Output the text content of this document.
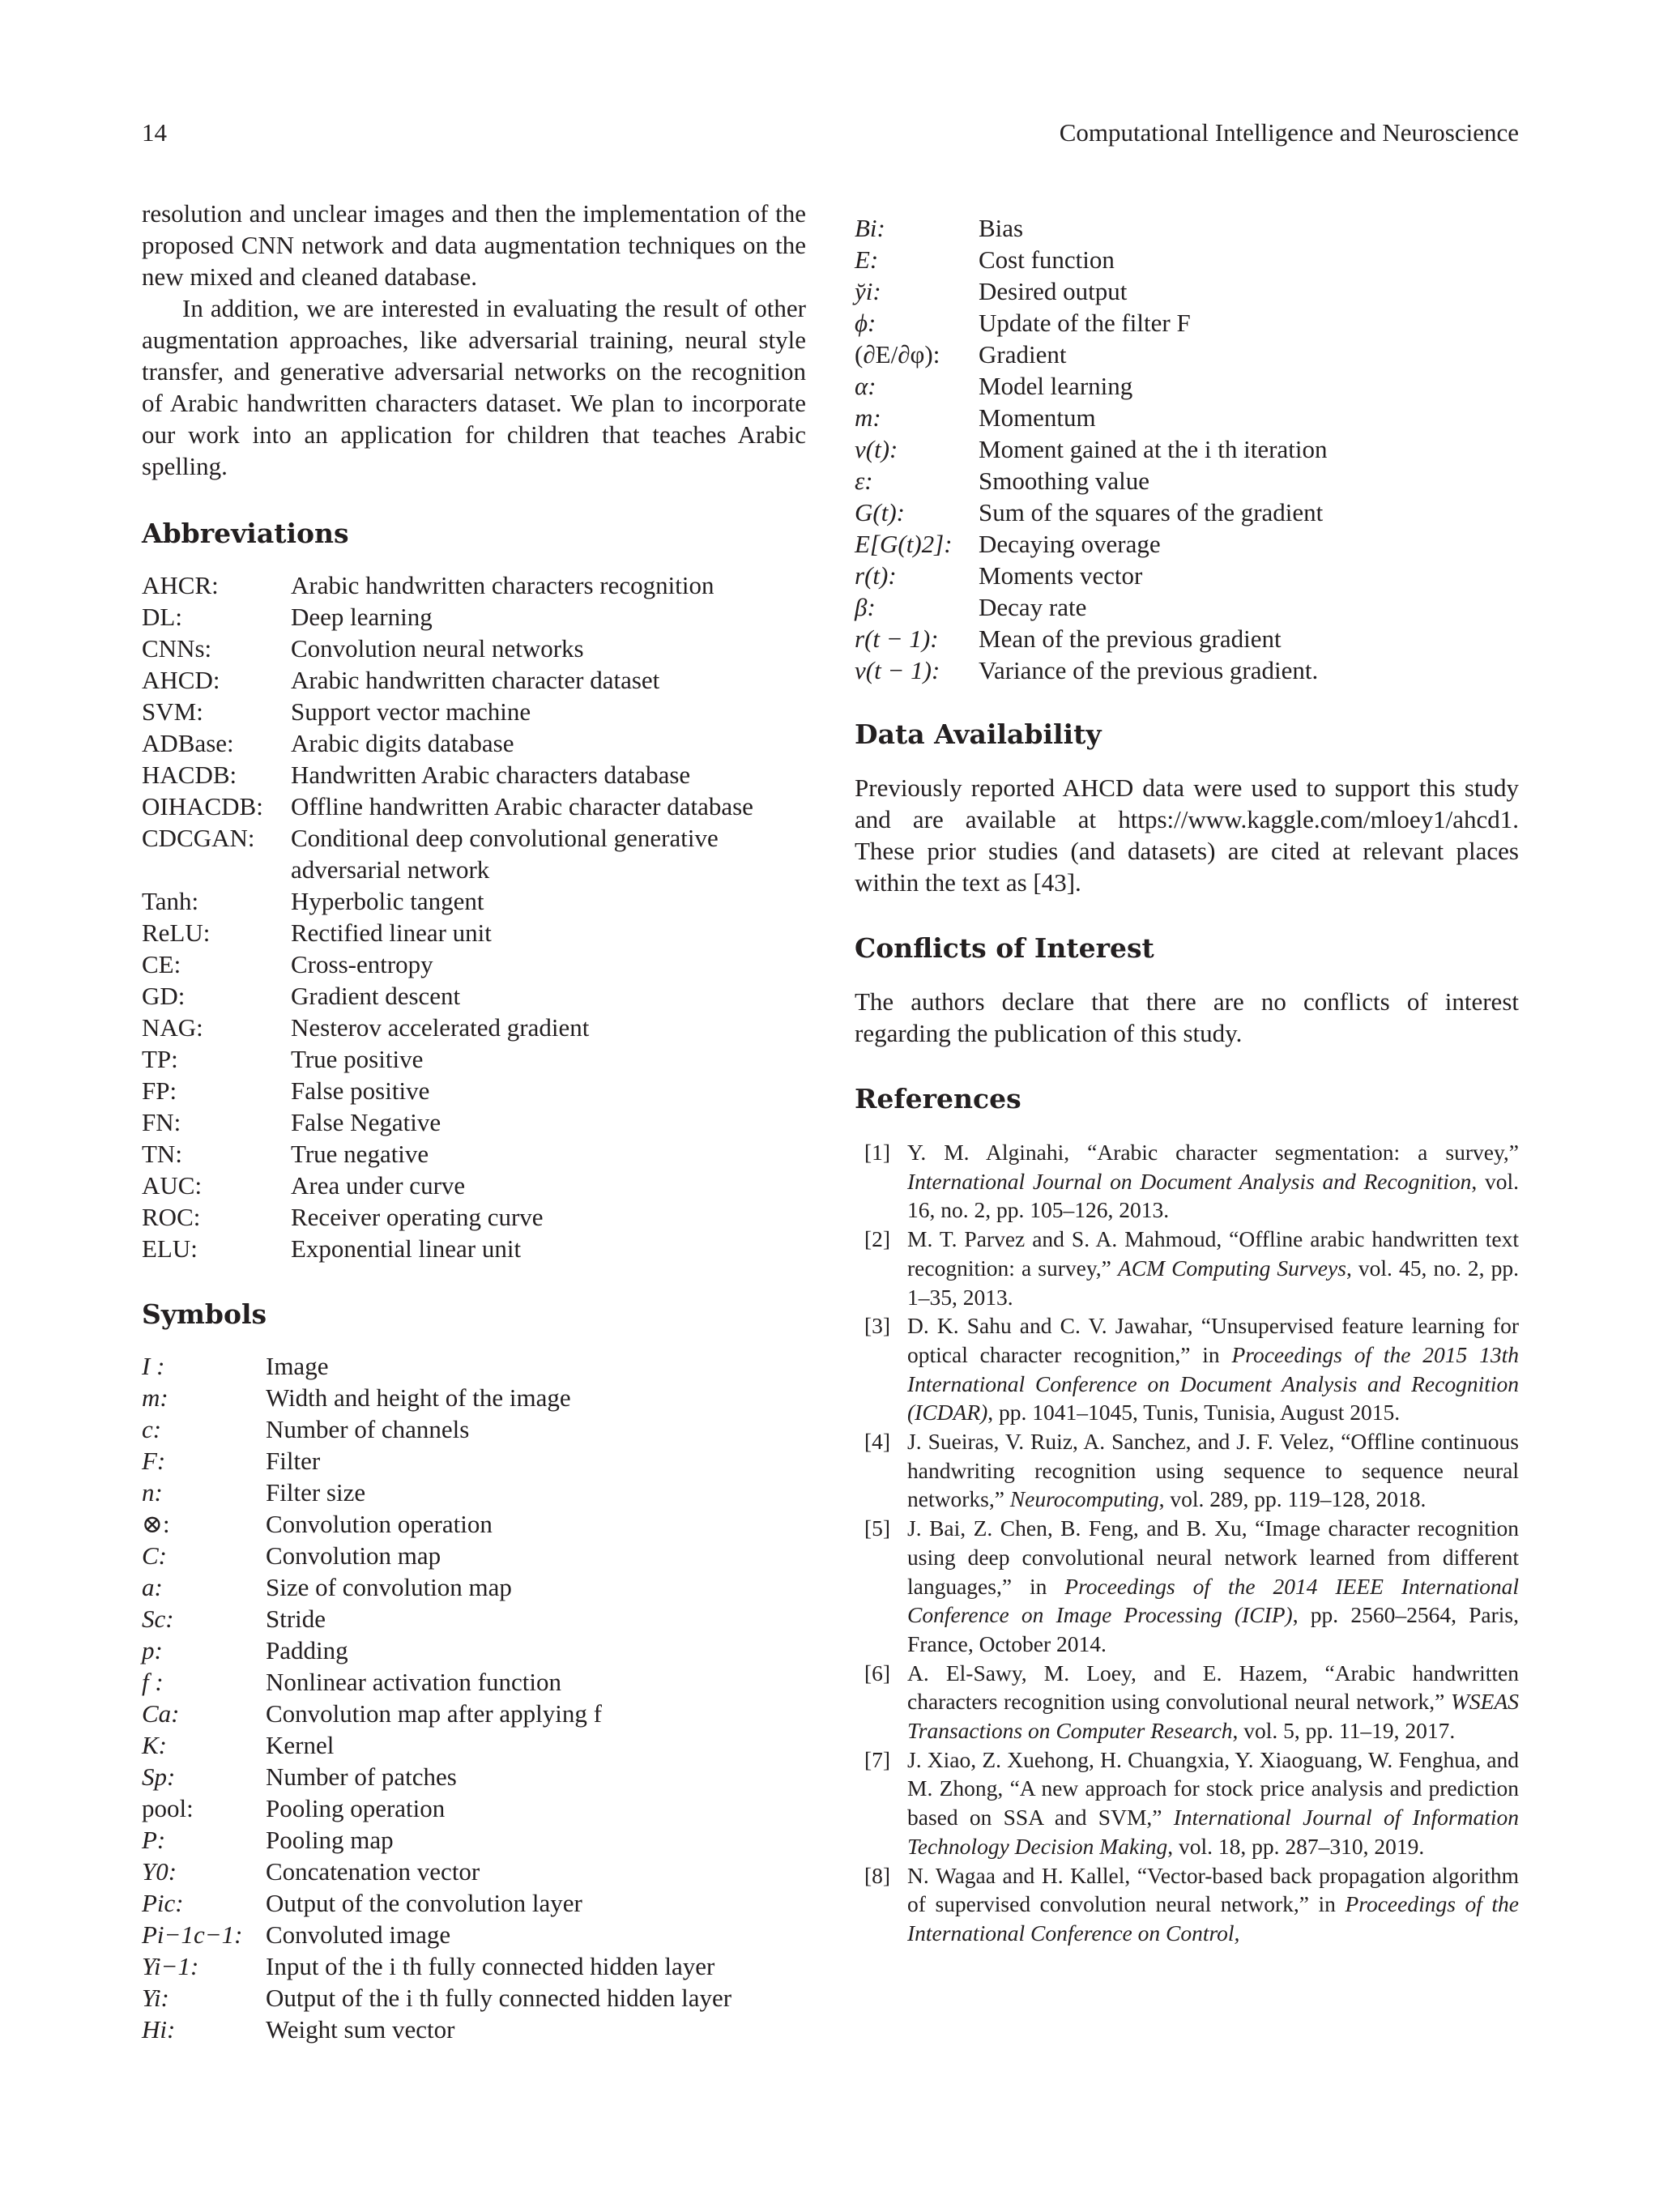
14	Computational Intelligence and Neuroscience

resolution and unclear images and then the implementation of the proposed CNN network and data augmentation techniques on the new mixed and cleaned database.

In addition, we are interested in evaluating the result of other augmentation approaches, like adversarial training, neural style transfer, and generative adversarial networks on the recognition of Arabic handwritten characters dataset. We plan to incorporate our work into an application for children that teaches Arabic spelling.

Abbreviations
AHCR:	Arabic handwritten characters recognition
DL:	Deep learning
CNNs:	Convolution neural networks
AHCD:	Arabic handwritten character dataset
SVM:	Support vector machine
ADBase:	Arabic digits database
HACDB:	Handwritten Arabic characters database
OIHACDB:	Offline handwritten Arabic character database
CDCGAN:	Conditional deep convolutional generative adversarial network
Tanh:	Hyperbolic tangent
ReLU:	Rectified linear unit
CE:	Cross-entropy
GD:	Gradient descent
NAG:	Nesterov accelerated gradient
TP:	True positive
FP:	False positive
FN:	False Negative
TN:	True negative
AUC:	Area under curve
ROC:	Receiver operating curve
ELU:	Exponential linear unit
Symbols
I :	Image
m:	Width and height of the image
c:	Number of channels
F:	Filter
n:	Filter size
⊗:	Convolution operation
C:	Convolution map
a:	Size of convolution map
Sc:	Stride
p:	Padding
f :	Nonlinear activation function
Ca:	Convolution map after applying f
K:	Kernel
Sp:	Number of patches
pool:	Pooling operation
P:	Pooling map
Y0:	Concatenation vector
Pic:	Output of the convolution layer
Pi−1c−1:	Convoluted image
Yi−1:	Input of the i th fully connected hidden layer
Yi:	Output of the i th fully connected hidden layer
Hi:	Weight sum vector
Bi:	Bias
E:	Cost function
y̆i:	Desired output
ϕ:	Update of the filter F
(∂E/∂φ):	Gradient
α:	Model learning
m:	Momentum
v(t):	Moment gained at the i th iteration
ε:	Smoothing value
G(t):	Sum of the squares of the gradient
E[G(t)2]:	Decaying overage
r(t):	Moments vector
β:	Decay rate
r(t − 1):	Mean of the previous gradient
v(t − 1):	Variance of the previous gradient.
Data Availability

Previously reported AHCD data were used to support this study and are available at https://www.kaggle.com/mloey1/ahcd1. These prior studies (and datasets) are cited at relevant places within the text as [43].

Conflicts of Interest

The authors declare that there are no conflicts of interest regarding the publication of this study.

References
[1] Y. M. Alginahi, “Arabic character segmentation: a survey,” International Journal on Document Analysis and Recognition, vol. 16, no. 2, pp. 105–126, 2013.
[2] M. T. Parvez and S. A. Mahmoud, “Offline arabic handwritten text recognition: a survey,” ACM Computing Surveys, vol. 45, no. 2, pp. 1–35, 2013.
[3] D. K. Sahu and C. V. Jawahar, “Unsupervised feature learning for optical character recognition,” in Proceedings of the 2015 13th International Conference on Document Analysis and Recognition (ICDAR), pp. 1041–1045, Tunis, Tunisia, August 2015.
[4] J. Sueiras, V. Ruiz, A. Sanchez, and J. F. Velez, “Offline continuous handwriting recognition using sequence to sequence neural networks,” Neurocomputing, vol. 289, pp. 119–128, 2018.
[5] J. Bai, Z. Chen, B. Feng, and B. Xu, “Image character recognition using deep convolutional neural network learned from different languages,” in Proceedings of the 2014 IEEE International Conference on Image Processing (ICIP), pp. 2560–2564, Paris, France, October 2014.
[6] A. El-Sawy, M. Loey, and E. Hazem, “Arabic handwritten characters recognition using convolutional neural network,” WSEAS Transactions on Computer Research, vol. 5, pp. 11–19, 2017.
[7] J. Xiao, Z. Xuehong, H. Chuangxia, Y. Xiaoguang, W. Fenghua, and M. Zhong, “A new approach for stock price analysis and prediction based on SSA and SVM,” International Journal of Information Technology Decision Making, vol. 18, pp. 287–310, 2019.
[8] N. Wagaa and H. Kallel, “Vector-based back propagation algorithm of supervised convolution neural network,” in Proceedings of the International Conference on Control,
